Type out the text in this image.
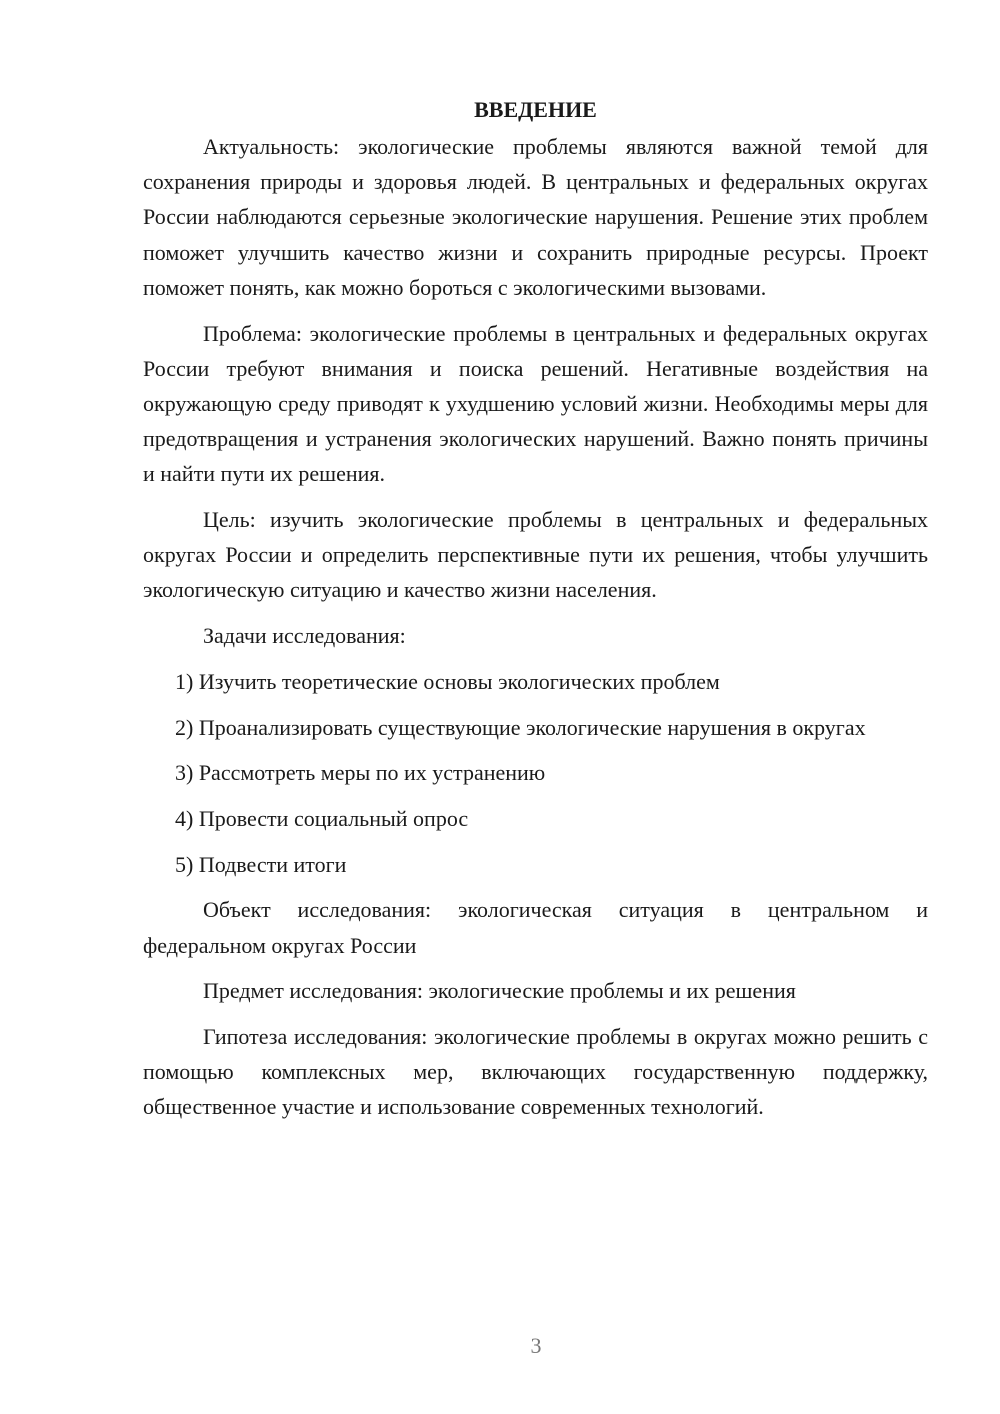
ВВЕДЕНИЕ

Актуальность: экологические проблемы являются важной темой для сохранения природы и здоровья людей. В центральных и федеральных округах России наблюдаются серьезные экологические нарушения. Решение этих проблем поможет улучшить качество жизни и сохранить природные ресурсы. Проект поможет понять, как можно бороться с экологическими вызовами.

Проблема: экологические проблемы в центральных и федеральных округах России требуют внимания и поиска решений. Негативные воздействия на окружающую среду приводят к ухудшению условий жизни. Необходимы меры для предотвращения и устранения экологических нарушений. Важно понять причины и найти пути их решения.

Цель: изучить экологические проблемы в центральных и федеральных округах России и определить перспективные пути их решения, чтобы улучшить экологическую ситуацию и качество жизни населения.

Задачи исследования:

1) Изучить теоретические основы экологических проблем

2) Проанализировать существующие экологические нарушения в округах

3) Рассмотреть меры по их устранению

4) Провести социальный опрос

5) Подвести итоги

Объект исследования: экологическая ситуация в центральном и федеральном округах России

Предмет исследования: экологические проблемы и их решения

Гипотеза исследования: экологические проблемы в округах можно решить с помощью комплексных мер, включающих государственную поддержку, общественное участие и использование современных технологий.

3
